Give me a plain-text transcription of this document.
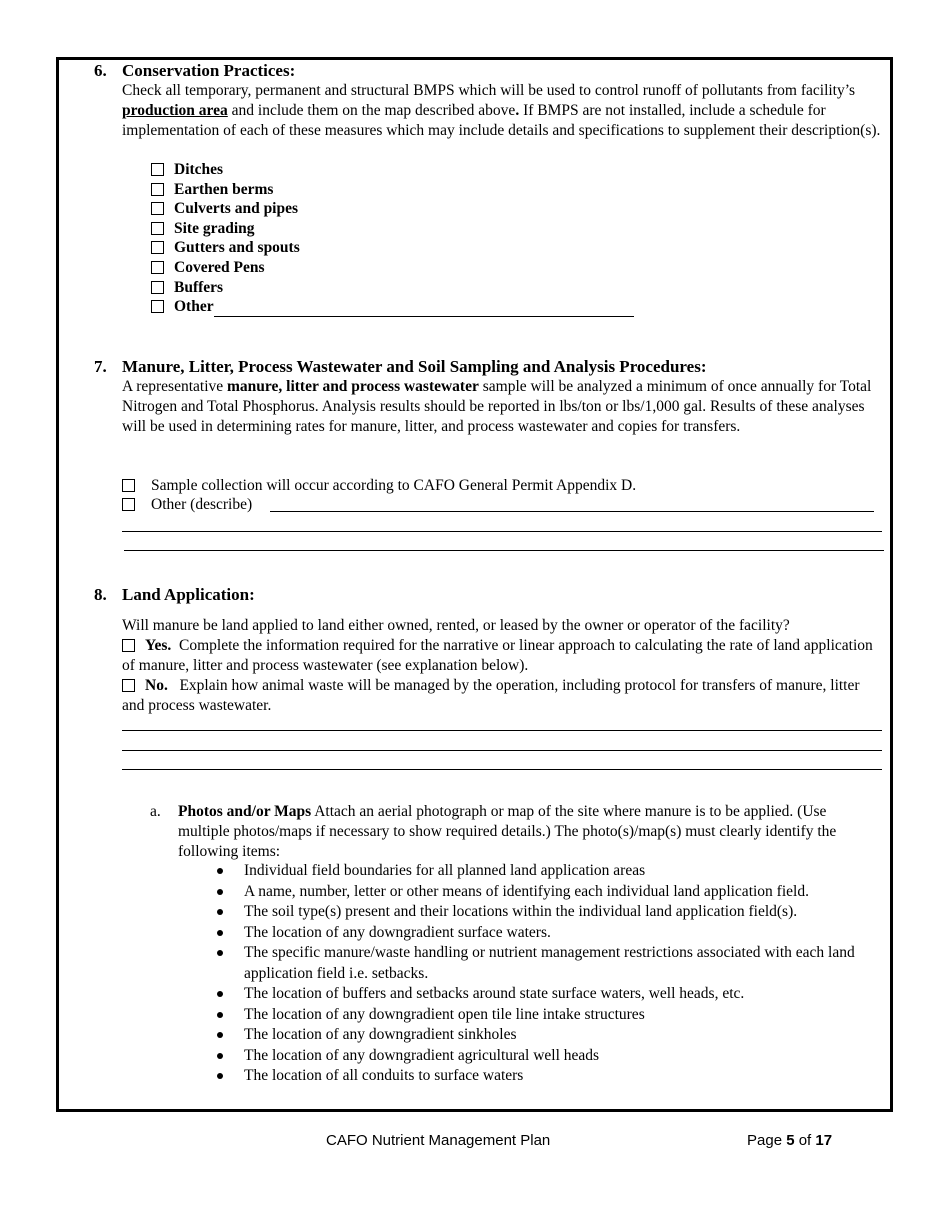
6. Conservation Practices:
Check all temporary, permanent and structural BMPS which will be used to control runoff of pollutants from facility’s production area and include them on the map described above. If BMPS are not installed, include a schedule for implementation of each of these measures which may include details and specifications to supplement their description(s).
Ditches
Earthen berms
Culverts and pipes
Site grading
Gutters and spouts
Covered Pens
Buffers
Other
7. Manure, Litter, Process Wastewater and Soil Sampling and Analysis Procedures:
A representative manure, litter and process wastewater sample will be analyzed a minimum of once annually for Total Nitrogen and Total Phosphorus. Analysis results should be reported in lbs/ton or lbs/1,000 gal. Results of these analyses will be used in determining rates for manure, litter, and process wastewater and copies for transfers.
Sample collection will occur according to CAFO General Permit Appendix D.
Other (describe)
8. Land Application:
Will manure be land applied to land either owned, rented, or leased by the owner or operator of the facility?
Yes. Complete the information required for the narrative or linear approach to calculating the rate of land application of manure, litter and process wastewater (see explanation below).
No. Explain how animal waste will be managed by the operation, including protocol for transfers of manure, litter and process wastewater.
a. Photos and/or Maps Attach an aerial photograph or map of the site where manure is to be applied. (Use multiple photos/maps if necessary to show required details.) The photo(s)/map(s) must clearly identify the following items:
Individual field boundaries for all planned land application areas
A name, number, letter or other means of identifying each individual land application field.
The soil type(s) present and their locations within the individual land application field(s).
The location of any downgradient surface waters.
The specific manure/waste handling or nutrient management restrictions associated with each land application field i.e. setbacks.
The location of buffers and setbacks around state surface waters, well heads, etc.
The location of any downgradient open tile line intake structures
The location of any downgradient sinkholes
The location of any downgradient agricultural well heads
The location of all conduits to surface waters
CAFO Nutrient Management Plan	Page 5 of 17
